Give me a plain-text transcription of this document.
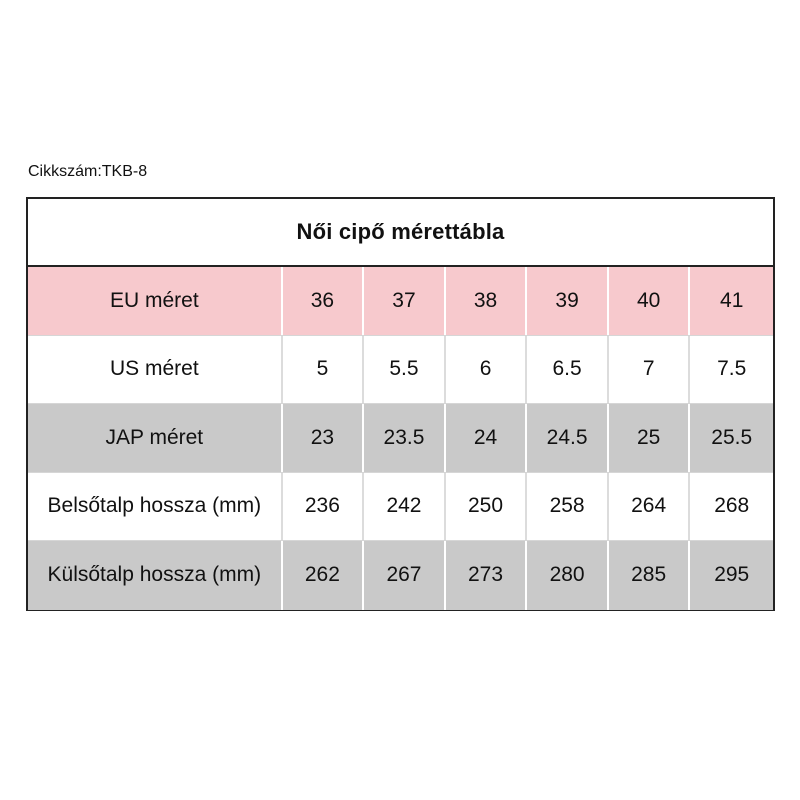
Cikkszám:TKB-8
Női cipő mérettábla
EU méret	36	37	38	39	40	41
US méret	5	5.5	6	6.5	7	7.5
JAP méret	23	23.5	24	24.5	25	25.5
Belsőtalp hossza (mm)	236	242	250	258	264	268
Külsőtalp hossza (mm)	262	267	273	280	285	295
